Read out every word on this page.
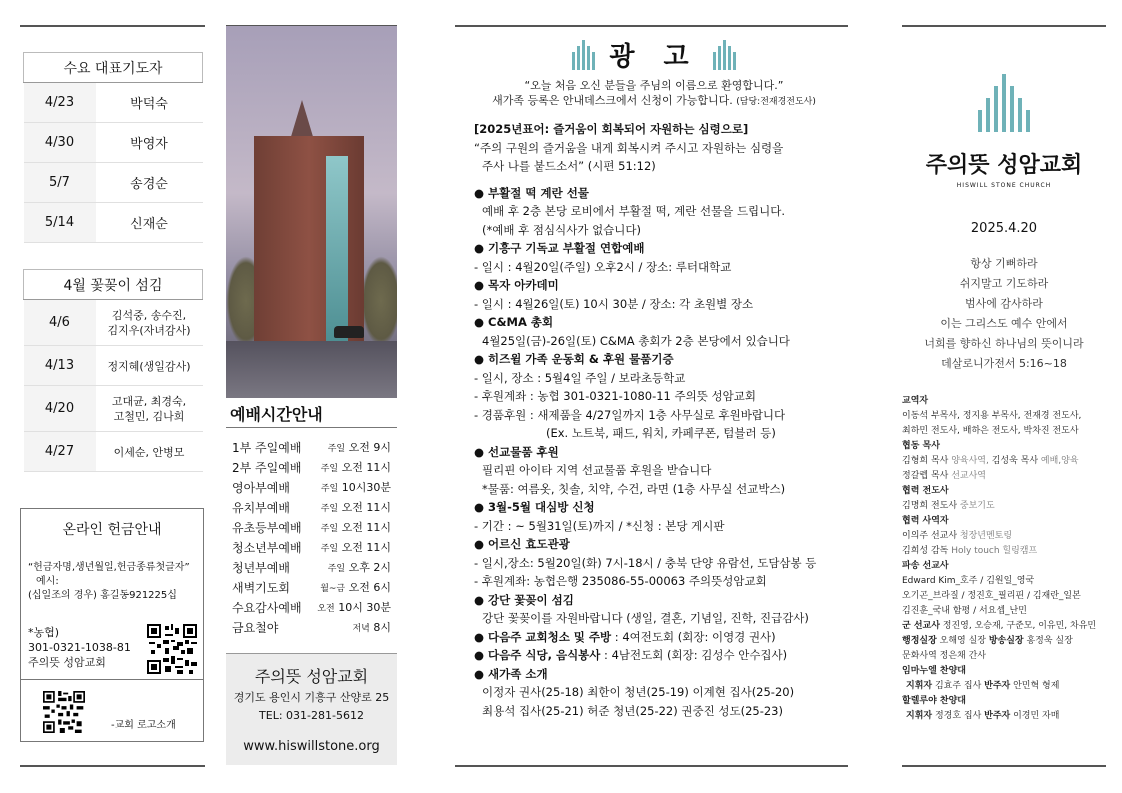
수요 대표기도자	
4/23	박덕숙
4/30	박영자
5/7	송경순
5/14	신재순
4월 꽃꽂이 섬김	
4/6	김석중, 송수진,
김지우(자녀감사)

4/13	정지혜(생일감사)
4/20	고대균, 최경숙,
고철민, 김나희

4/27	이세순, 안병모
온라인 헌금안내
“헌금자명,생년월일,헌금종류첫글자”
예시:
(십일조의 경우) 홍길동921225십
*농협)
301-0321-1038-81
주의뜻 성암교회
-교회 로고소개
예배시간안내
1부 주일예배	주일 오전 9시
2부 주일예배 주일 오전 11시
영아부예배	주일 10시30분
유치부예배	주일 오전 11시
유초등부예배 주일 오전 11시
청소년부예배 주일 오전 11시
청년부예배	주일 오후 2시
새벽기도회	월~금 오전 6시
수요감사예배 오전 10시 30분
금요철야	저녁 8시
주의뜻 성암교회
경기도 용인시 기흥구 산양로 25
TEL: 031-281-5612
www.hiswillstone.org
광 고
“오늘 처음 오신 분들을 주님의 이름으로 환영합니다.”
새가족 등록은 안내데스크에서 신청이 가능합니다. (담당:전재경전도사)
[2025년표어: 즐거움이 회복되어 자원하는 심령으로]
“주의 구원의 즐거움을 내게 회복시켜 주시고 자원하는 심령을
주사 나를 붙드소서” (시편 51:12)
● 부활절 떡 계란 선물
예배 후 2층 본당 로비에서 부활절 떡, 계란 선물을 드립니다.
(*예배 후 점심식사가 없습니다)
● 기흥구 기독교 부활절 연합예배
- 일시 : 4월20일(주일) 오후2시 / 장소: 루터대학교
● 목자 아카데미
- 일시 : 4월26일(토) 10시 30분 / 장소: 각 초원별 장소
● C&MA 총회
4월25일(금)-26일(토) C&MA 총회가 2층 본당에서 있습니다
● 히즈윌 가족 운동회 & 후원 물품기증
- 일시, 장소 : 5월4일 주일 / 보라초등학교
- 후원계좌 : 농협 301-0321-1080-11 주의뜻 성암교회
- 경품후원 : 새제품을 4/27일까지 1층 사무실로 후원바랍니다
(Ex. 노트북, 패드, 워치, 카페쿠폰, 텀블러 등)
● 선교물품 후원
필리핀 아이타 지역 선교물품 후원을 받습니다
*물품: 여름옷, 칫솔, 치약, 수건, 라면 (1층 사무실 선교박스)
● 3월-5월 대심방 신청
- 기간 : ~ 5월31일(토)까지 / *신청 : 본당 게시판
● 어르신 효도관광
- 일시,장소: 5월20일(화) 7시-18시 / 충북 단양 유람선, 도담삼봉 등
- 후원계좌: 농협은행 235086-55-00063 주의뜻성암교회
● 강단 꽃꽂이 섬김
강단 꽃꽂이를 자원바랍니다 (생일, 결혼, 기념일, 진학, 진급감사)
● 다음주 교회청소 및 주방 : 4여전도회 (회장: 이영경 권사)
● 다음주 식당, 음식봉사 : 4남전도회 (회장: 김성수 안수집사)
● 새가족 소개
이정자 권사(25-18) 최한이 청년(25-19) 이계현 집사(25-20)
최용석 집사(25-21) 허준 청년(25-22) 권중진 성도(25-23)
주의뜻 성암교회
HISWILL STONE CHURCH
2025.4.20
항상 기뻐하라
쉬지말고 기도하라
범사에 감사하라
이는 그리스도 예수 안에서
너희를 향하신 하나님의 뜻이니라
데살로니가전서 5:16~18
교역자
이동석 부목사, 정지용 부목사, 전재경 전도사,
최하민 전도사, 배하은 전도사, 박차진 전도사
협동 목사
김형희 목사 양육사역, 김성욱 목사 예배,양육
정갈렙 목사 선교사역
협력 전도사
김명희 전도사 중보기도
협력 사역자
이의주 선교사 청장년멘토링
김희성 감독 Holy touch 힐링캠프
파송 선교사
Edward Kim_호주 / 김원일_영국
오기곤_브라질 / 정진호_필리핀 / 김재란_일본
김진훈_국내 함평 / 서요셉_난민
군 선교사 정진영, 오승재, 구준모, 이유민, 차유민
행정실장 오해영 실장 방송실장 홍정욱 실장
문화사역 정은채 간사
임마누엘 찬양대
지휘자 김효주 집사 반주자 안민혁 형제
할렐루야 찬양대
지휘자 정경호 집사 반주자 이경민 자매
